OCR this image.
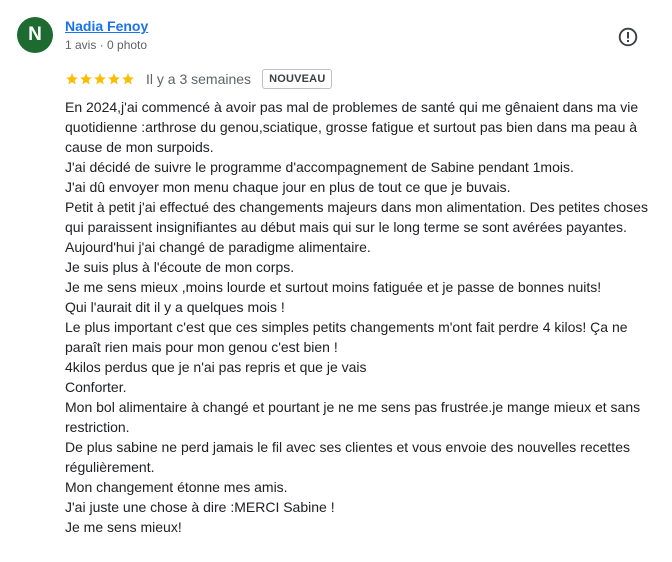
N Nadia Fenoy
1 avis · 0 photo
Il y a 3 semaines	NOUVEAU

En 2024,j'ai commencé à avoir pas mal de problemes de santé qui me gênaient dans ma vie quotidienne :arthrose du genou,sciatique, grosse fatigue et surtout pas bien dans ma peau à cause de mon surpoids.
J'ai décidé de suivre le programme d'accompagnement de Sabine pendant 1mois.
J'ai dû envoyer mon menu chaque jour en plus de tout ce que je buvais.
Petit à petit j'ai effectué des changements majeurs dans mon alimentation. Des petites choses qui paraissent insignifiantes au début mais qui sur le long terme se sont avérées payantes.
Aujourd'hui j'ai changé de paradigme alimentaire.
Je suis plus à l'écoute de mon corps.
Je me sens mieux ,moins lourde et surtout moins fatiguée et je passe de bonnes nuits!
Qui l'aurait dit il y a quelques mois !
Le plus important c'est que ces simples petits changements m'ont fait perdre 4 kilos! Ça ne paraît rien mais pour mon genou c'est bien !
4kilos perdus que je n'ai pas repris et que je vais
Conforter.
Mon bol alimentaire à changé et pourtant je ne me sens pas frustrée.je mange mieux et sans restriction.
De plus sabine ne perd jamais le fil avec ses clientes et vous envoie des nouvelles recettes régulièrement.
Mon changement étonne mes amis.
J'ai juste une chose à dire :MERCI Sabine !
Je me sens mieux!
